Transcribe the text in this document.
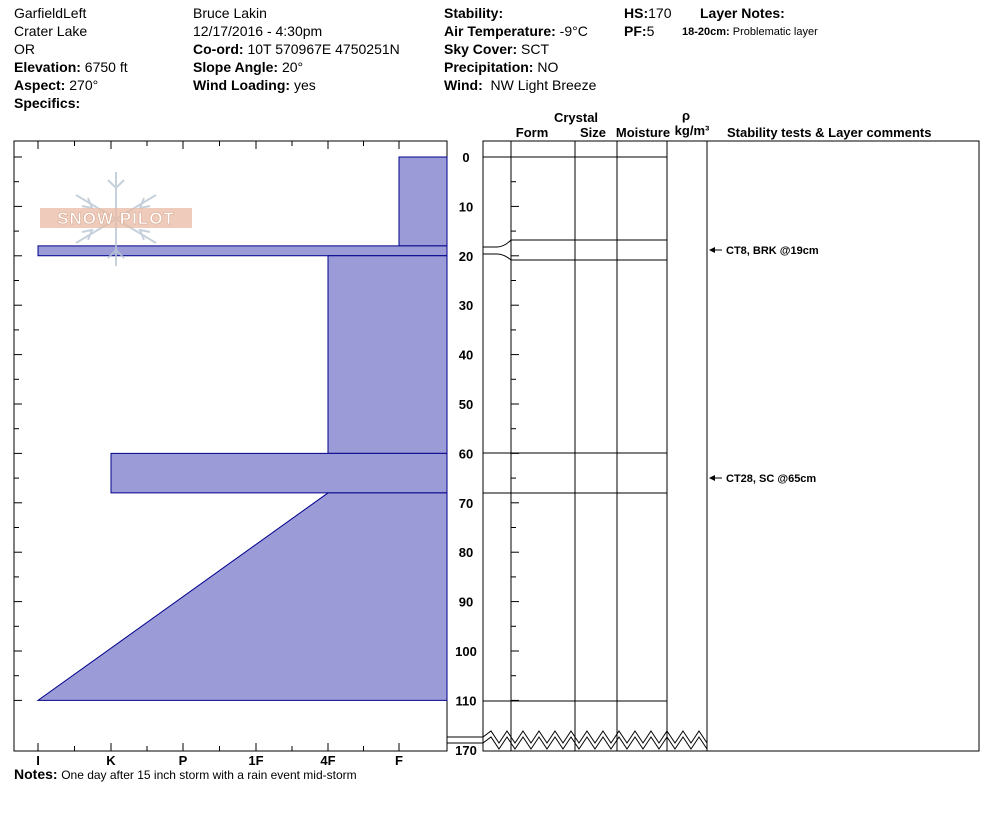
GarfieldLeft
Crater Lake
OR
Elevation: 6750 ft
Aspect: 270°
Specifics:
Bruce Lakin
12/17/2016 - 4:30pm
Co-ord: 10T 570967E 4750251N
Slope Angle: 20°
Wind Loading: yes
Stability:
Air Temperature: -9°C
Sky Cover: SCT
Precipitation: NO
Wind: NW Light Breeze
HS:170
PF:5
Layer Notes:
18-20cm: Problematic layer
I	K	P	1F	4F	F
0
10
20
30
40
50
60
70
80
90
100
110
170
Crystal
Form Size Moisture
ρ
kg/m³ Stability tests & Layer comments
CT8, BRK @19cm
CT28, SC @65cm
SNOW PILOT
Notes: One day after 15 inch storm with a rain event mid-storm
